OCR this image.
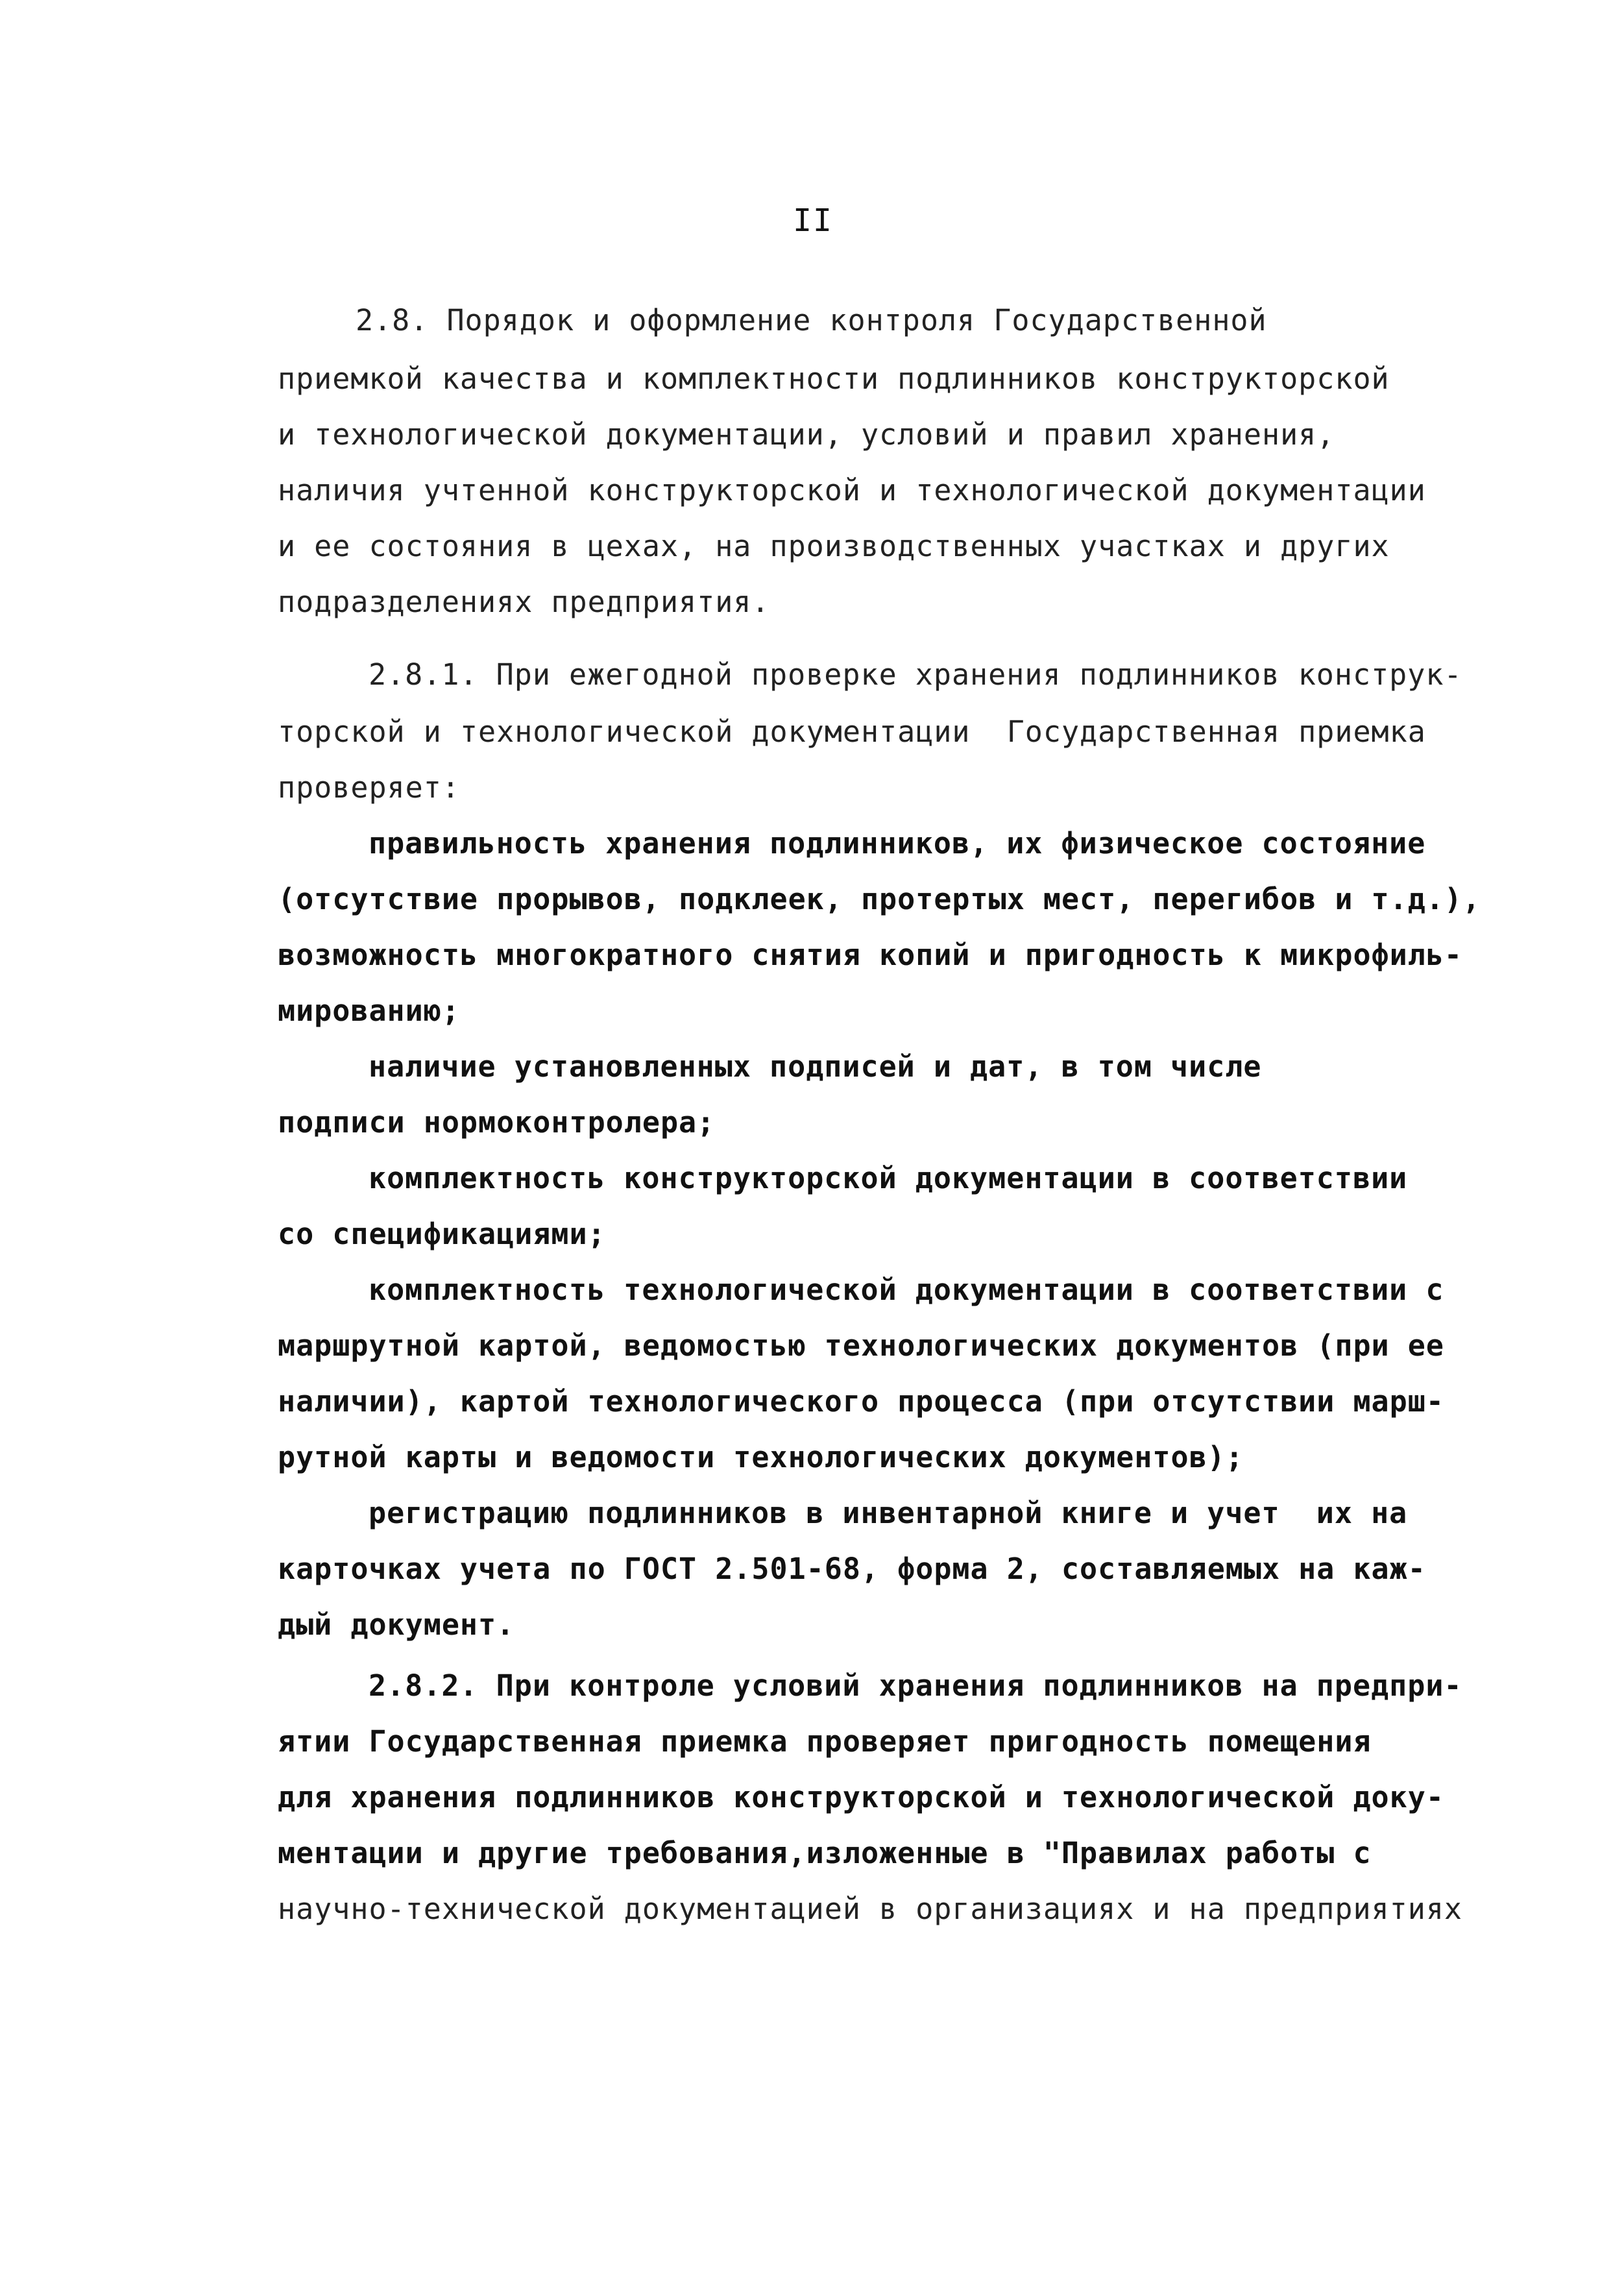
II
2.8. Порядок и оформление контроля Государственной
приемкой качества и комплектности подлинников конструкторской
и технологической документации, условий и правил хранения,
наличия учтенной конструкторской и технологической документации
и ее состояния в цехах, на производственных участках и других
подразделениях предприятия.
2.8.1. При ежегодной проверке хранения подлинников конструк-
торской и технологической документации  Государственная приемка
проверяет:
правильность хранения подлинников, их физическое состояние
(отсутствие прорывов, подклеек, протертых мест, перегибов и т.д.),
возможность многократного снятия копий и пригодность к микрофиль-
мированию;
наличие установленных подписей и дат, в том числе
подписи нормоконтролера;
комплектность конструкторской документации в соответствии
со спецификациями;
комплектность технологической документации в соответствии с
маршрутной картой, ведомостью технологических документов (при ее
наличии), картой технологического процесса (при отсутствии марш-
рутной карты и ведомости технологических документов);
регистрацию подлинников в инвентарной книге и учет  их на
карточках учета по ГОСТ 2.501-68, форма 2, составляемых на каж-
дый документ.
2.8.2. При контроле условий хранения подлинников на предпри-
ятии Государственная приемка проверяет пригодность помещения
для хранения подлинников конструкторской и технологической доку-
ментации и другие требования,изложенные в "Правилах работы с
научно-технической документацией в организациях и на предприятиях
